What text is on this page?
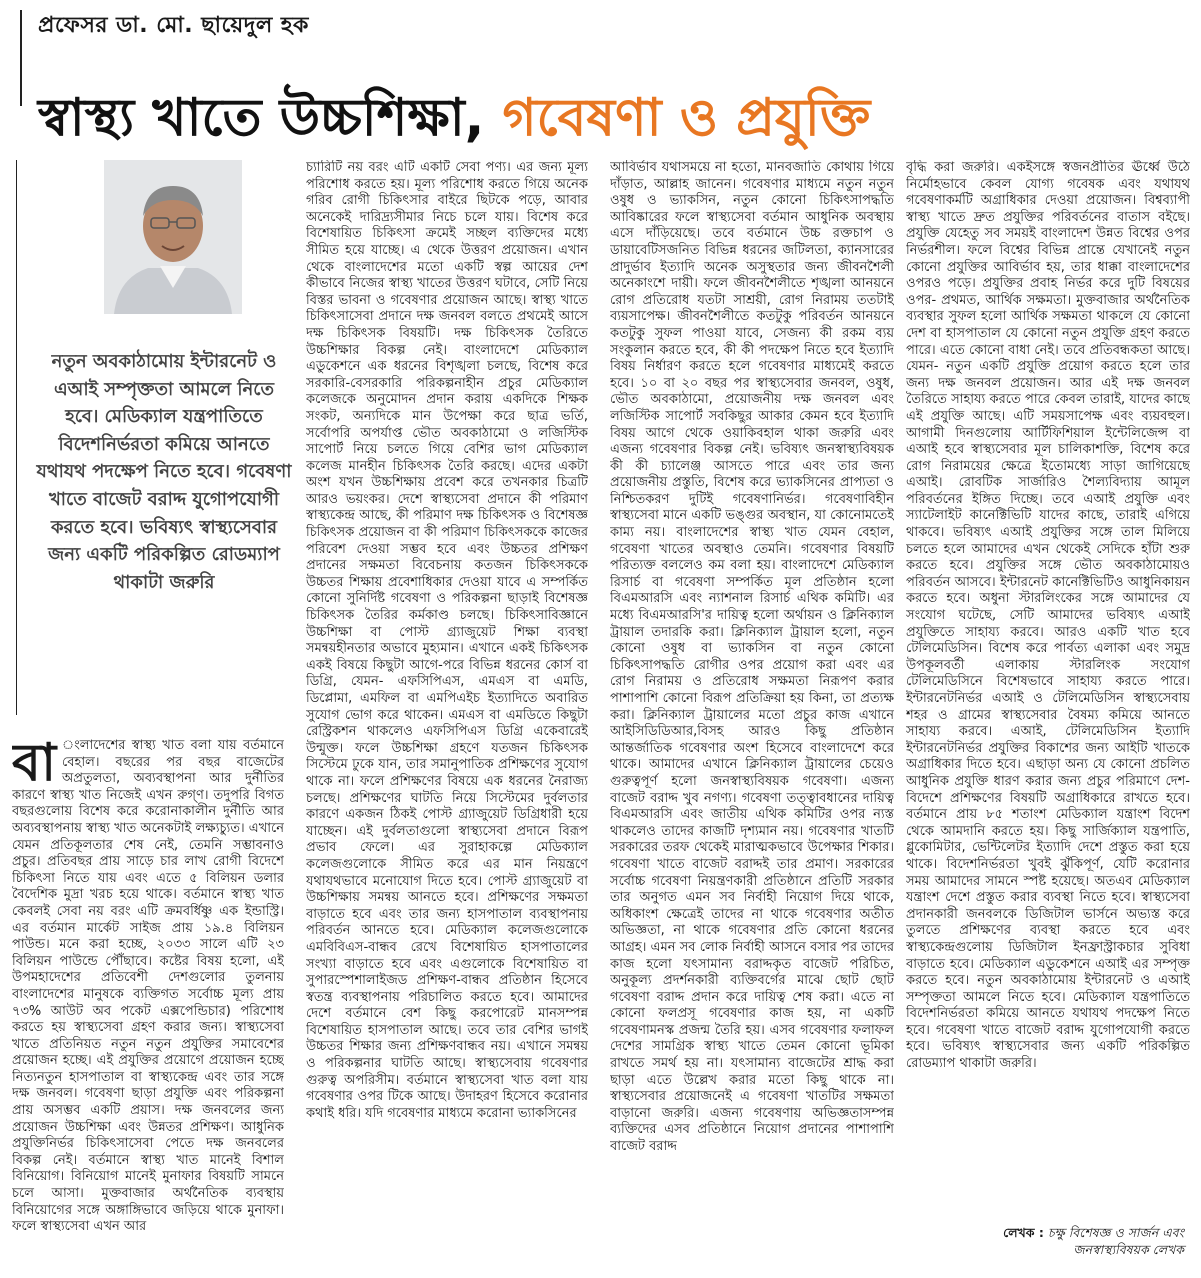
প্রফেসর ডা. মো. ছায়েদুল হক
স্বাস্থ্য খাতে উচ্চশিক্ষা, গবেষণা ও প্রযুক্তি
নতুন অবকাঠামোয় ইন্টারনেট ও এআই সম্পৃক্ততা আমলে নিতে হবে। মেডিক্যাল যন্ত্রপাতিতে বিদেশনির্ভরতা কমিয়ে আনতে যথাযথ পদক্ষেপ নিতে হবে। গবেষণা খাতে বাজেট বরাদ্দ যুগোপযোগী করতে হবে। ভবিষ্যৎ স্বাস্থ্যসেবার জন্য একটি পরিকল্পিত রোডম্যাপ থাকাটা জরুরি
বা ংলাদেশের স্বাস্থ্য খাত বলা যায় বর্তমানে বেহাল। বছরের পর বছর বাজেটের অপ্রতুলতা, অব্যবস্থাপনা আর দুর্নীতির কারণে স্বাস্থ্য খাত নিজেই এখন রুগ্ণ। তদুপরি বিগত বছরগুলোয় বিশেষ করে করোনাকালীন দুর্নীতি আর অব্যবস্থাপনায় স্বাস্থ্য খাত অনেকটাই লক্ষ্যচ্যুত। এখানে যেমন প্রতিকূলতার শেষ নেই, তেমনি সম্ভাবনাও প্রচুর। প্রতিবছর প্রায় সাড়ে চার লাখ রোগী বিদেশে চিকিৎসা নিতে যায় এবং এতে ৫ বিলিয়ন ডলার বৈদেশিক মুদ্রা খরচ হয়ে থাকে। বর্তমানে স্বাস্থ্য খাত কেবলই সেবা নয় বরং এটি ক্রমবর্ধিষ্ণু এক ইন্ডাস্ট্রি। এর বর্তমান মার্কেট সাইজ প্রায় ১৯.৪ বিলিয়ন পাউন্ড। মনে করা হচ্ছে, ২০৩৩ সালে এটি ২৩ বিলিয়ন পাউন্ডে পৌঁছাবে। কষ্টের বিষয় হলো, এই উপমহাদেশের প্রতিবেশী দেশগুলোর তুলনায় বাংলাদেশের মানুষকে ব্যক্তিগত সর্বোচ্চ মূল্য প্রায় ৭৩% আউট অব পকেট এক্সপেন্ডিচার) পরিশোধ করতে হয় স্বাস্থ্যসেবা গ্রহণ করার জন্য। স্বাস্থ্যসেবা খাতে প্রতিনিয়ত নতুন নতুন প্রযুক্তির সমাবেশের প্রয়োজন হচ্ছে। এই প্রযুক্তির প্রয়োগে প্রয়োজন হচ্ছে নিত্যনতুন হাসপাতাল বা স্বাস্থ্যকেন্দ্র এবং তার সঙ্গে দক্ষ জনবল। গবেষণা ছাড়া প্রযুক্তি এবং পরিকল্পনা প্রায় অসম্ভব একটি প্রয়াস। দক্ষ জনবলের জন্য প্রয়োজন উচ্চশিক্ষা এবং উন্নতর প্রশিক্ষণ। আধুনিক প্রযুক্তিনির্ভর চিকিৎসাসেবা পেতে দক্ষ জনবলের বিকল্প নেই। বর্তমানে স্বাস্থ্য খাত মানেই বিশাল বিনিয়োগ। বিনিয়োগ মানেই মুনাফার বিষয়টি সামনে চলে আসা। মুক্তবাজার অর্থনৈতিক ব্যবস্থায় বিনিয়োগের সঙ্গে অঙ্গাঙ্গিভাবে জড়িয়ে থাকে মুনাফা। ফলে স্বাস্থ্যসেবা এখন আর

চ্যারিটি নয় বরং এটি একটি সেবা পণ্য। এর জন্য মূল্য পরিশোধ করতে হয়। মূল্য পরিশোধ করতে গিয়ে অনেক গরিব রোগী চিকিৎসার বাইরে ছিটকে পড়ে, আবার অনেকেই দারিদ্র্যসীমার নিচে চলে যায়। বিশেষ করে বিশেষায়িত চিকিৎসা ক্রমেই সচ্ছল ব্যক্তিদের মধ্যে সীমিত হয়ে যাচ্ছে। এ থেকে উত্তরণ প্রয়োজন। এখান থেকে বাংলাদেশের মতো একটি স্বল্প আয়ের দেশ কীভাবে নিজের স্বাস্থ্য খাতের উত্তরণ ঘটাবে, সেটি নিয়ে বিস্তর ভাবনা ও গবেষণার প্রয়োজন আছে। স্বাস্থ্য খাতে চিকিৎসাসেবা প্রদানে দক্ষ জনবল বলতে প্রথমেই আসে দক্ষ চিকিৎসক বিষয়টি। দক্ষ চিকিৎসক তৈরিতে উচ্চশিক্ষার বিকল্প নেই। বাংলাদেশে মেডিক্যাল এডুকেশনে এক ধরনের বিশৃঙ্খলা চলছে, বিশেষ করে সরকারি-বেসরকারি পরিকল্পনাহীন প্রচুর মেডিক্যাল কলেজকে অনুমোদন প্রদান করায় একদিকে শিক্ষক সংকট, অন্যদিকে মান উপেক্ষা করে ছাত্র ভর্তি, সর্বোপরি অপর্যাপ্ত ভৌত অবকাঠামো ও লজিস্টিক সাপোর্ট নিয়ে চলতে গিয়ে বেশির ভাগ মেডিক্যাল কলেজ মানহীন চিকিৎসক তৈরি করছে। এদের একটা অংশ যখন উচ্চশিক্ষায় প্রবেশ করে তখনকার চিত্রটি আরও ভয়ংকর। দেশে স্বাস্থ্যসেবা প্রদানে কী পরিমাণ স্বাস্থ্যকেন্দ্র আছে, কী পরিমাণ দক্ষ চিকিৎসক ও বিশেষজ্ঞ চিকিৎসক প্রয়োজন বা কী পরিমাণ চিকিৎসককে কাজের পরিবেশ দেওয়া সম্ভব হবে এবং উচ্চতর প্রশিক্ষণ প্রদানের সক্ষমতা বিবেচনায় কতজন চিকিৎসককে উচ্চতর শিক্ষায় প্রবেশাধিকার দেওয়া যাবে এ সম্পর্কিত কোনো সুনির্দিষ্ট গবেষণা ও পরিকল্পনা ছাড়াই বিশেষজ্ঞ চিকিৎসক তৈরির কর্মকাণ্ড চলছে। চিকিৎসাবিজ্ঞানে উচ্চশিক্ষা বা পোস্ট গ্র্যাজুয়েট শিক্ষা ব্যবস্থা সমন্বয়হীনতার অভাবে মুহ্যমান। এখানে একই চিকিৎসক একই বিষয়ে কিছুটা আগে-পরে বিভিন্ন ধরনের কোর্স বা ডিগ্রি, যেমন- এফসিপিএস, এমএস বা এমডি, ডিপ্লোমা, এমফিল বা এমপিএইচ ইত্যাদিতে অবারিত সুযোগ ভোগ করে থাকেন। এমএস বা এমডিতে কিছুটা রেস্ট্রিকশন থাকলেও এফসিপিএস ডিগ্রি একেবারেই উন্মুক্ত। ফলে উচ্চশিক্ষা গ্রহণে যতজন চিকিৎসক সিস্টেমে ঢুকে যান, তার সমানুপাতিক প্রশিক্ষণের সুযোগ থাকে না। ফলে প্রশিক্ষণের বিষয়ে এক ধরনের নৈরাজ্য চলছে। প্রশিক্ষণের ঘাটতি নিয়ে সিস্টেমের দুর্বলতার কারণে একজন ঠিকই পোস্ট গ্র্যাজুয়েট ডিগ্রিধারী হয়ে যাচ্ছেন। এই দুর্বলতাগুলো স্বাস্থ্যসেবা প্রদানে বিরূপ প্রভাব ফেলে। এর সুরাহাকল্পে মেডিক্যাল কলেজগুলোকে সীমিত করে এর মান নিয়ন্ত্রণে যথাযথভাবে মনোযোগ দিতে হবে। পোস্ট গ্র্যাজুয়েট বা উচ্চশিক্ষায় সমন্বয় আনতে হবে। প্রশিক্ষণের সক্ষমতা বাড়াতে হবে এবং তার জন্য হাসপাতাল ব্যবস্থাপনায় পরিবর্তন আনতে হবে। মেডিক্যাল কলেজগুলোকে এমবিবিএস-বান্ধব রেখে বিশেষায়িত হাসপাতালের সংখ্যা বাড়াতে হবে এবং এগুলোকে বিশেষায়িত বা সুপারস্পেশালাইজড প্রশিক্ষণ-বান্ধব প্রতিষ্ঠান হিসেবে স্বতন্ত্র ব্যবস্থাপনায় পরিচালিত করতে হবে। আমাদের দেশে বর্তমানে বেশ কিছু করপোরেট মানসম্পন্ন বিশেষায়িত হাসপাতাল আছে। তবে তার বেশির ভাগই উচ্চতর শিক্ষার জন্য প্রশিক্ষণবান্ধব নয়। এখানে সমন্বয় ও পরিকল্পনার ঘাটতি আছে। স্বাস্থ্যসেবায় গবেষণার গুরুত্ব অপরিসীম। বর্তমানে স্বাস্থ্যসেবা খাত বলা যায় গবেষণার ওপর টিকে আছে। উদাহরণ হিসেবে করোনার কথাই ধরি। যদি গবেষণার মাধ্যমে করোনা ভ্যাকসিনের

আবির্ভাব যথাসময়ে না হতো, মানবজাতি কোথায় গিয়ে দাঁড়াত, আল্লাহ জানেন। গবেষণার মাধ্যমে নতুন নতুন ওষুধ ও ভ্যাকসিন, নতুন কোনো চিকিৎসাপদ্ধতি আবিষ্কারের ফলে স্বাস্থ্যসেবা বর্তমান আধুনিক অবস্থায় এসে দাঁড়িয়েছে। তবে বর্তমানে উচ্চ রক্তচাপ ও ডায়াবেটিসজনিত বিভিন্ন ধরনের জটিলতা, ক্যানসারের প্রাদুর্ভাব ইত্যাদি অনেক অসুস্থতার জন্য জীবনশৈলী অনেকাংশে দায়ী। ফলে জীবনশৈলীতে শৃঙ্খলা আনয়নে রোগ প্রতিরোধ যতটা সাশ্রয়ী, রোগ নিরাময় ততটাই ব্যয়সাপেক্ষ। জীবনশৈলীতে কতটুকু পরিবর্তন আনয়নে কতটুকু সুফল পাওয়া যাবে, সেজন্য কী রকম ব্যয় সংকুলান করতে হবে, কী কী পদক্ষেপ নিতে হবে ইত্যাদি বিষয় নির্ধারণ করতে হলে গবেষণার মাধ্যমেই করতে হবে। ১০ বা ২০ বছর পর স্বাস্থ্যসেবার জনবল, ওষুধ, ভৌত অবকাঠামো, প্রয়োজনীয় দক্ষ জনবল এবং লজিস্টিক সাপোর্ট সবকিছুর আকার কেমন হবে ইত্যাদি বিষয় আগে থেকে ওয়াকিবহাল থাকা জরুরি এবং এজন্য গবেষণার বিকল্প নেই। ভবিষ্যৎ জনস্বাস্থ্যবিষয়ক কী কী চ্যালেঞ্জ আসতে পারে এবং তার জন্য প্রয়োজনীয় প্রস্তুতি, বিশেষ করে ভ্যাকসিনের প্রাপ্যতা ও নিশ্চিতকরণ দুটিই গবেষণানির্ভর। গবেষণাবিহীন স্বাস্থ্যসেবা মানে একটি ভঙ্গুর অবস্থান, যা কোনোমতেই কাম্য নয়। বাংলাদেশের স্বাস্থ্য খাত যেমন বেহাল, গবেষণা খাতের অবস্থাও তেমনি। গবেষণার বিষয়টি পরিত্যক্ত বললেও কম বলা হয়। বাংলাদেশে মেডিক্যাল রিসার্চ বা গবেষণা সম্পর্কিত মূল প্রতিষ্ঠান হলো বিএমআরসি এবং ন্যাশনাল রিসার্চ এথিক কমিটি। এর মধ্যে বিএমআরসি'র দায়িত্ব হলো অর্থায়ন ও ক্লিনিক্যাল ট্রায়াল তদারকি করা। ক্লিনিক্যাল ট্রায়াল হলো, নতুন কোনো ওষুধ বা ভ্যাকসিন বা নতুন কোনো চিকিৎসাপদ্ধতি রোগীর ওপর প্রয়োগ করা এবং এর রোগ নিরাময় ও প্রতিরোধ সক্ষমতা নিরূপণ করার পাশাপাশি কোনো বিরূপ প্রতিক্রিয়া হয় কিনা, তা প্রত্যক্ষ করা। ক্লিনিক্যাল ট্রায়ালের মতো প্রচুর কাজ এখানে আইসিডিডিআর,বিসহ আরও কিছু প্রতিষ্ঠান আন্তর্জাতিক গবেষণার অংশ হিসেবে বাংলাদেশে করে থাকে। আমাদের এখানে ক্লিনিক্যাল ট্রায়ালের চেয়েও গুরুত্বপূর্ণ হলো জনস্বাস্থ্যবিষয়ক গবেষণা। এজন্য বাজেট বরাদ্দ খুব নগণ্য। গবেষণা তত্ত্বাবধানের দায়িত্ব বিএমআরসি এবং জাতীয় এথিক কমিটির ওপর ন্যস্ত থাকলেও তাদের কাজটি দৃশ্যমান নয়। গবেষণার খাতটি সরকারের তরফ থেকেই মারাত্মকভাবে উপেক্ষার শিকার। গবেষণা খাতে বাজেট বরাদ্দই তার প্রমাণ। সরকারের সর্বোচ্চ গবেষণা নিয়ন্ত্রণকারী প্রতিষ্ঠানে প্রতিটি সরকার তার অনুগত এমন সব নির্বাহী নিয়োগ দিয়ে থাকে, অধিকাংশ ক্ষেত্রেই তাদের না থাকে গবেষণার অতীত অভিজ্ঞতা, না থাকে গবেষণার প্রতি কোনো ধরনের আগ্রহ। এমন সব লোক নির্বাহী আসনে বসার পর তাদের কাজ হলো যৎসামান্য বরাদ্দকৃত বাজেট পরিচিত, অনুকূল্য প্রদর্শনকারী ব্যক্তিবর্গের মাঝে ছোট ছোট গবেষণা বরাদ্দ প্রদান করে দায়িত্ব শেষ করা। এতে না কোনো ফলপ্রসূ গবেষণার কাজ হয়, না একটি গবেষণামনস্ক প্রজন্ম তৈরি হয়। এসব গবেষণার ফলাফল দেশের সামগ্রিক স্বাস্থ্য খাতে তেমন কোনো ভূমিকা রাখতে সমর্থ হয় না। যৎসামান্য বাজেটের শ্রাদ্ধ করা ছাড়া এতে উল্লেখ করার মতো কিছু থাকে না। স্বাস্থ্যসেবার প্রয়োজনেই এ গবেষণা খাতটির সক্ষমতা বাড়ানো জরুরি। এজন্য গবেষণায় অভিজ্ঞতাসম্পন্ন ব্যক্তিদের এসব প্রতিষ্ঠানে নিয়োগ প্রদানের পাশাপাশি বাজেট বরাদ্দ

বৃদ্ধি করা জরুরি। একইসঙ্গে স্বজনপ্রীতির ঊর্ধ্বে উঠে নির্মোহভাবে কেবল যোগ্য গবেষক এবং যথাযথ গবেষণাকর্মটি অগ্রাধিকার দেওয়া প্রয়োজন। বিশ্বব্যাপী স্বাস্থ্য খাতে দ্রুত প্রযুক্তির পরিবর্তনের বাতাস বইছে। প্রযুক্তি যেহেতু সব সময়ই বাংলাদেশ উন্নত বিশ্বের ওপর নির্ভরশীল। ফলে বিশ্বের বিভিন্ন প্রান্তে যেখানেই নতুন কোনো প্রযুক্তির আবির্ভাব হয়, তার ধাক্কা বাংলাদেশের ওপরও পড়ে। প্রযুক্তির প্রবাহ নির্ভর করে দুটি বিষয়ের ওপর- প্রথমত, আর্থিক সক্ষমতা। মুক্তবাজার অর্থনৈতিক ব্যবস্থার সুফল হলো আর্থিক সক্ষমতা থাকলে যে কোনো দেশ বা হাসপাতাল যে কোনো নতুন প্রযুক্তি গ্রহণ করতে পারে। এতে কোনো বাধা নেই। তবে প্রতিবন্ধকতা আছে। যেমন- নতুন একটি প্রযুক্তি প্রয়োগ করতে হলে তার জন্য দক্ষ জনবল প্রয়োজন। আর এই দক্ষ জনবল তৈরিতে সাহায্য করতে পারে কেবল তারাই, যাদের কাছে এই প্রযুক্তি আছে। এটি সময়সাপেক্ষ এবং ব্যয়বহুল। আগামী দিনগুলোয় আর্টিফিশিয়াল ইন্টেলিজেন্স বা এআই হবে স্বাস্থ্যসেবার মূল চালিকাশক্তি, বিশেষ করে রোগ নিরাময়ের ক্ষেত্রে ইতোমধ্যে সাড়া জাগিয়েছে এআই। রোবটিক সার্জারিও শৈল্যবিদ্যায় আমূল পরিবর্তনের ইঙ্গিত দিচ্ছে। তবে এআই প্রযুক্তি এবং স্যাটেলাইট কানেক্টিভিটি যাদের কাছে, তারাই এগিয়ে থাকবে। ভবিষ্যৎ এআই প্রযুক্তির সঙ্গে তাল মিলিয়ে চলতে হলে আমাদের এখন থেকেই সেদিকে হাঁটা শুরু করতে হবে। প্রযুক্তির সঙ্গে ভৌত অবকাঠামোয়ও পরিবর্তন আসবে। ইন্টারনেট কানেক্টিভিটিও আধুনিকায়ন করতে হবে। অধুনা স্টারলিংকের সঙ্গে আমাদের যে সংযোগ ঘটেছে, সেটি আমাদের ভবিষ্যৎ এআই প্রযুক্তিতে সাহায্য করবে। আরও একটি খাত হবে টেলিমেডিসিন। বিশেষ করে পার্বত্য এলাকা এবং সমুদ্র উপকূলবর্তী এলাকায় স্টারলিংক সংযোগ টেলিমেডিসিনে বিশেষভাবে সাহায্য করতে পারে। ইন্টারনেটনির্ভর এআই ও টেলিমেডিসিন স্বাস্থ্যসেবায় শহর ও গ্রামের স্বাস্থ্যসেবার বৈষম্য কমিয়ে আনতে সাহায্য করবে। এআই, টেলিমেডিসিন ইত্যাদি ইন্টারনেটনির্ভর প্রযুক্তির বিকাশের জন্য আইটি খাতকে অগ্রাধিকার দিতে হবে। এছাড়া অন্য যে কোনো প্রচলিত আধুনিক প্রযুক্তি ধারণ করার জন্য প্রচুর পরিমাণে দেশ-বিদেশে প্রশিক্ষণের বিষয়টি অগ্রাধিকারে রাখতে হবে। বর্তমানে প্রায় ৮৫ শতাংশ মেডিক্যাল যন্ত্রাংশ বিদেশ থেকে আমদানি করতে হয়। কিছু সার্জিক্যাল যন্ত্রপাতি, গ্লুকোমিটার, ভেন্টিলেটর ইত্যাদি দেশে প্রস্তুত করা হয়ে থাকে। বিদেশনির্ভরতা খুবই ঝুঁকিপূর্ণ, যেটি করোনার সময় আমাদের সামনে স্পষ্ট হয়েছে। অতএব মেডিক্যাল যন্ত্রাংশ দেশে প্রস্তুত করার ব্যবস্থা নিতে হবে। স্বাস্থ্যসেবা প্রদানকারী জনবলকে ডিজিটাল ভার্সনে অভ্যস্ত করে তুলতে প্রশিক্ষণের ব্যবস্থা করতে হবে এবং স্বাস্থ্যকেন্দ্রগুলোয় ডিজিটাল ইনফ্রাস্ট্রাকচার সুবিধা বাড়াতে হবে। মেডিক্যাল এডুকেশনে এআই এর সম্পৃক্ত করতে হবে। নতুন অবকাঠামোয় ইন্টারনেট ও এআই সম্পৃক্ততা আমলে নিতে হবে। মেডিক্যাল যন্ত্রপাতিতে বিদেশনির্ভরতা কমিয়ে আনতে যথাযথ পদক্ষেপ নিতে হবে। গবেষণা খাতে বাজেট বরাদ্দ যুগোপযোগী করতে হবে। ভবিষ্যৎ স্বাস্থ্যসেবার জন্য একটি পরিকল্পিত রোডম্যাপ থাকাটা জরুরি।

লেখক : চক্ষু বিশেষজ্ঞ ও সার্জন এবং জনস্বাস্থ্যবিষয়ক লেখক
